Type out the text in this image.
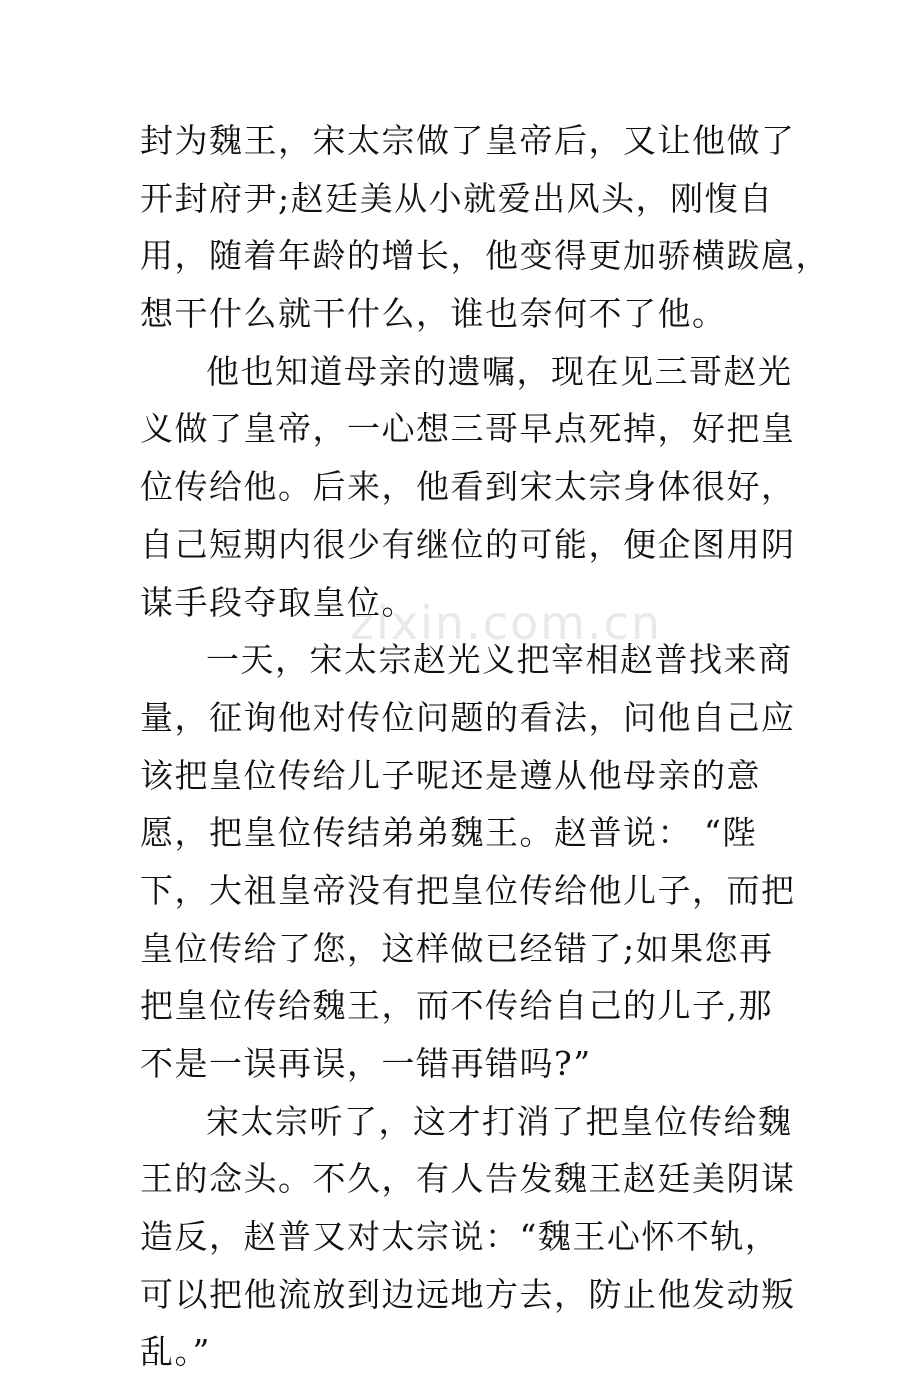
zixin.com.cn
封为魏王，宋太宗做了皇帝后，又让他做了
开封府尹;赵廷美从小就爱出风头，刚愎自
用，随着年龄的增长，他变得更加骄横跋扈，
想干什么就干什么，谁也奈何不了他。
他也知道母亲的遗嘱，现在见三哥赵光
义做了皇帝，一心想三哥早点死掉，好把皇
位传给他。后来，他看到宋太宗身体很好，
自己短期内很少有继位的可能，便企图用阴
谋手段夺取皇位。
一天，宋太宗赵光义把宰相赵普找来商
量，征询他对传位问题的看法，问他自己应
该把皇位传给儿子呢还是遵从他母亲的意
愿，把皇位传结弟弟魏王。赵普说： “陛
下，大祖皇帝没有把皇位传给他儿子，而把
皇位传给了您，这样做已经错了;如果您再
把皇位传给魏王，而不传给自己的儿子,那
不是一误再误，一错再错吗?”
宋太宗听了，这才打消了把皇位传给魏
王的念头。不久，有人告发魏王赵廷美阴谋
造反，赵普又对太宗说：“魏王心怀不轨，
可以把他流放到边远地方去，防止他发动叛
乱。”
